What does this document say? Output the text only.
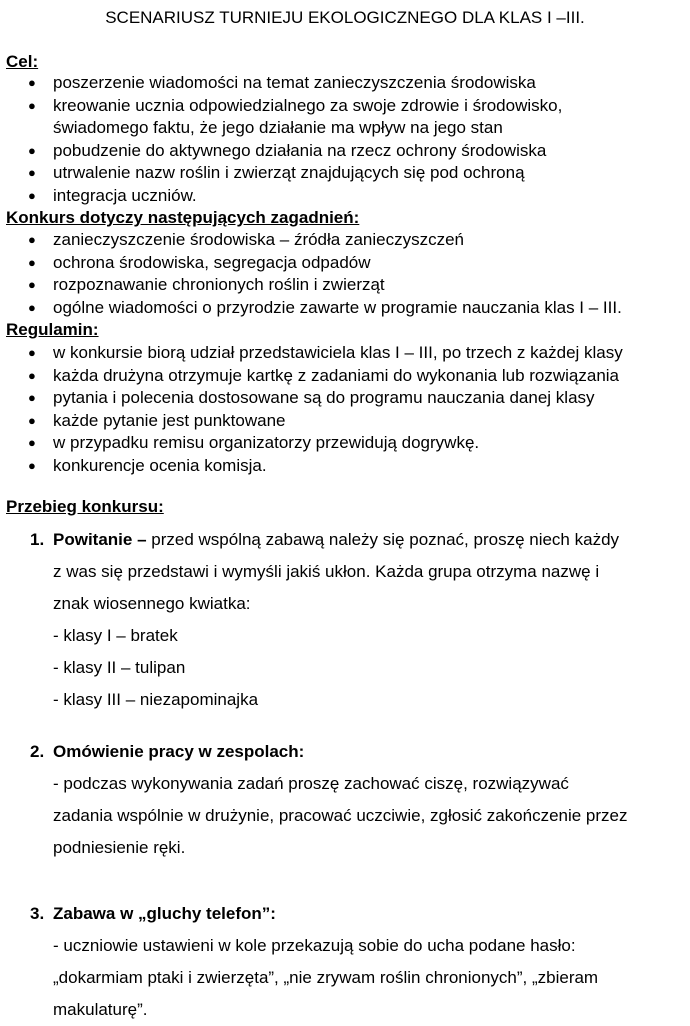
SCENARIUSZ TURNIEJU EKOLOGICZNEGO DLA KLAS I –III.
Cel:
● poszerzenie wiadomości na temat zanieczyszczenia środowiska
● kreowanie ucznia odpowiedzialnego za swoje zdrowie i środowisko,
świadomego faktu, że jego działanie ma wpływ na jego stan
● pobudzenie do aktywnego działania na rzecz ochrony środowiska
● utrwalenie nazw roślin i zwierząt znajdujących się pod ochroną
● integracja uczniów.
Konkurs dotyczy następujących zagadnień:
● zanieczyszczenie środowiska – źródła zanieczyszczeń
● ochrona środowiska, segregacja odpadów
● rozpoznawanie chronionych roślin i zwierząt
● ogólne wiadomości o przyrodzie zawarte w programie nauczania klas I – III.
Regulamin:
● w konkursie biorą udział przedstawiciela klas I – III, po trzech z każdej klasy
● każda drużyna otrzymuje kartkę z zadaniami do wykonania lub rozwiązania
● pytania i polecenia dostosowane są do programu nauczania danej klasy
● każde pytanie jest punktowane
● w przypadku remisu organizatorzy przewidują dogrywkę.
● konkurencje ocenia komisja.
Przebieg konkursu:
1. Powitanie – przed wspólną zabawą należy się poznać, proszę niech każdy
z was się przedstawi i wymyśli jakiś ukłon. Każda grupa otrzyma nazwę i
znak wiosennego kwiatka:
- klasy I – bratek
- klasy II – tulipan
- klasy III – niezapominajka
2. Omówienie pracy w zespolach:
- podczas wykonywania zadań proszę zachować ciszę, rozwiązywać
zadania wspólnie w drużynie, pracować uczciwie, zgłosić zakończenie przez
podniesienie ręki.
3. Zabawa w „gluchy telefon”:
- uczniowie ustawieni w kole przekazują sobie do ucha podane hasło:
„dokarmiam ptaki i zwierzęta”, „nie zrywam roślin chronionych”, „zbieram
makulaturę”.
